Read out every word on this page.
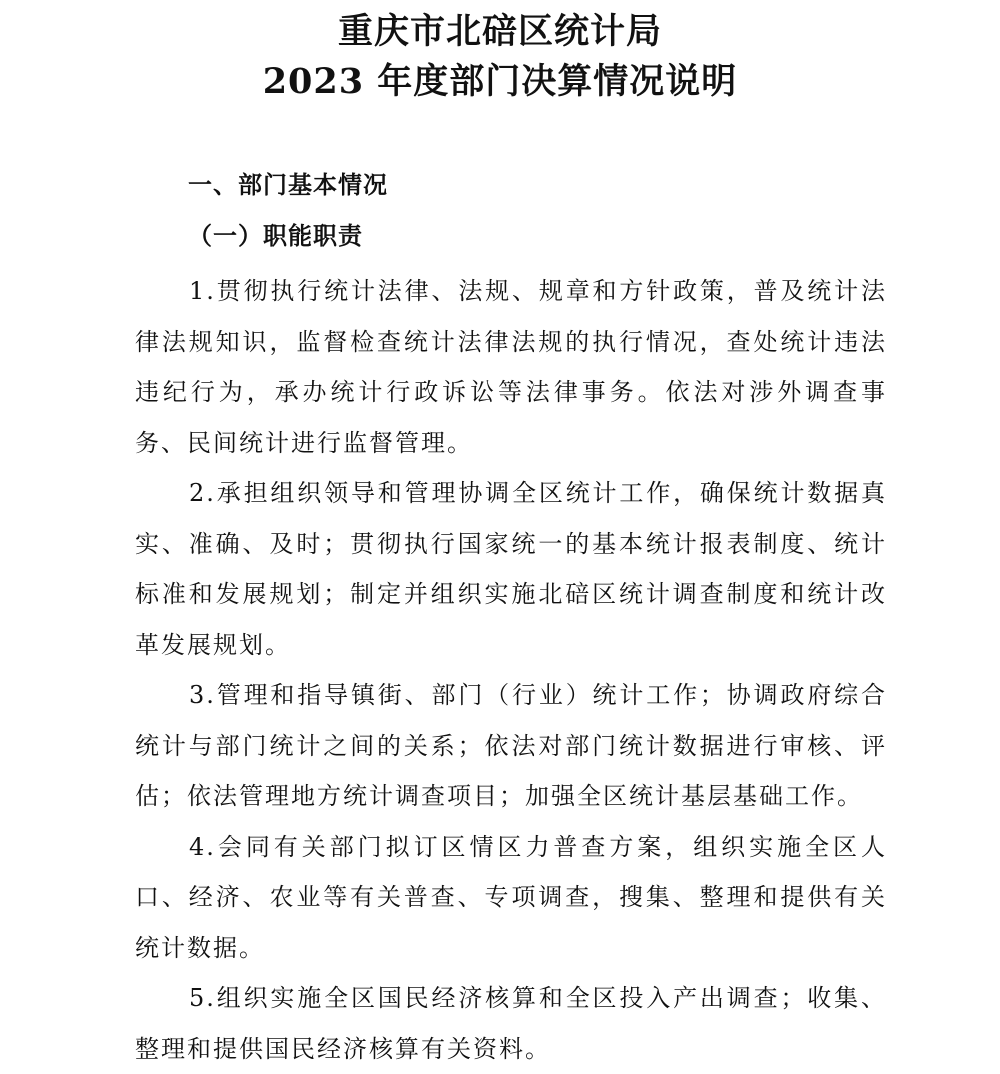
重庆市北碚区统计局
2023 年度部门决算情况说明
一、部门基本情况
（一）职能职责

1.贯彻执行统计法律、法规、规章和方针政策，普及统计法律法规知识，监督检查统计法律法规的执行情况，查处统计违法违纪行为，承办统计行政诉讼等法律事务。依法对涉外调查事务、民间统计进行监督管理。

2.承担组织领导和管理协调全区统计工作，确保统计数据真实、准确、及时；贯彻执行国家统一的基本统计报表制度、统计标准和发展规划；制定并组织实施北碚区统计调查制度和统计改革发展规划。

3.管理和指导镇街、部门（行业）统计工作；协调政府综合统计与部门统计之间的关系；依法对部门统计数据进行审核、评估；依法管理地方统计调查项目；加强全区统计基层基础工作。

4.会同有关部门拟订区情区力普查方案，组织实施全区人口、经济、农业等有关普查、专项调查，搜集、整理和提供有关统计数据。

5.组织实施全区国民经济核算和全区投入产出调查；收集、整理和提供国民经济核算有关资料。
